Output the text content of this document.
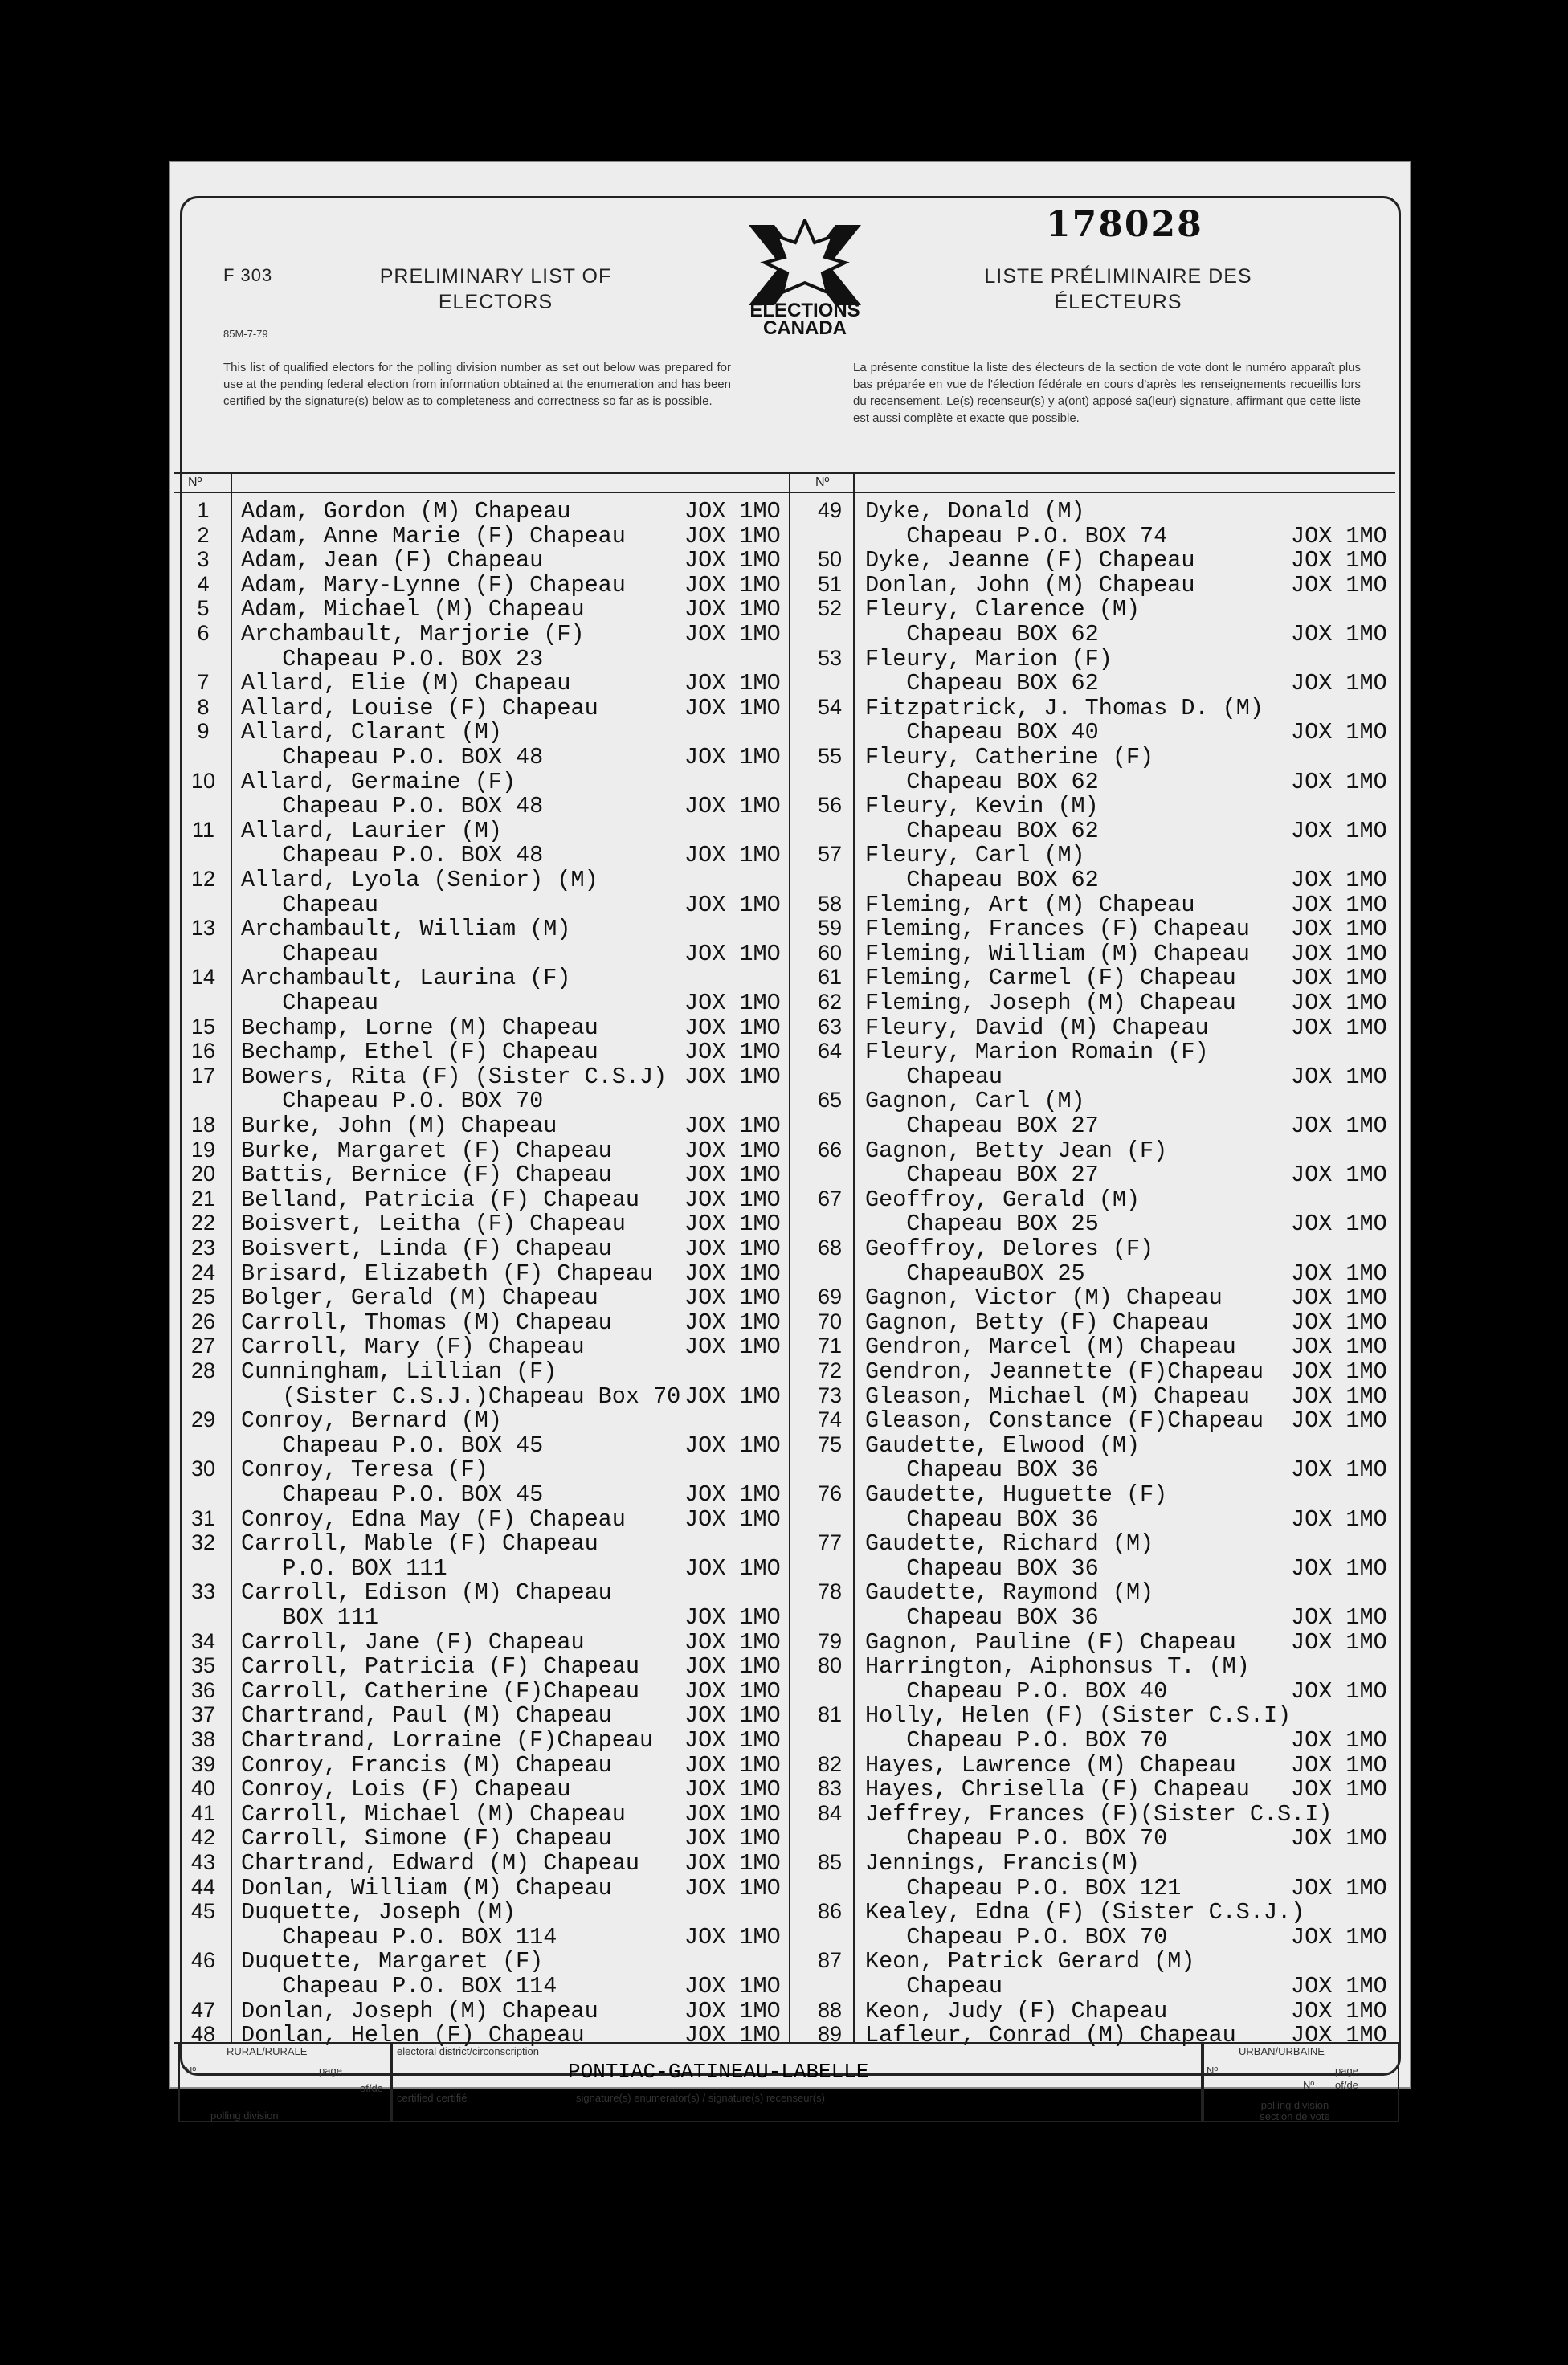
F 303
85M-7-79
PRELIMINARY LIST OF
ELECTORS	ELECTIONS
CANADA
178028
LISTE PRÉLIMINAIRE DES
ÉLECTEURS
This list of qualified electors for the polling division number as set out below was prepared for use at the pending federal election from information obtained at the enumeration and has been certified by the signature(s) below as to completeness and correctness so far as is possible.
La présente constitue la liste des électeurs de la section de vote dont le numéro apparaît plus bas préparée en vue de l'élection fédérale en cours d'après les renseignements recueillis lors du recensement. Le(s) recenseur(s) y a(ont) apposé sa(leur) signature, affirmant que cette liste est aussi complète et exacte que possible.
Nº	Nº
1	Adam, Gordon (M) Chapeau	JOX 1MO
2	Adam, Anne Marie (F) Chapeau	JOX 1MO
3	Adam, Jean (F) Chapeau	JOX 1MO
4	Adam, Mary-Lynne (F) Chapeau	JOX 1MO
5	Adam, Michael (M) Chapeau	JOX 1MO
6	Archambault, Marjorie (F)	JOX 1MO
Chapeau P.O. BOX 23
7	Allard, Elie (M) Chapeau	JOX 1MO
8	Allard, Louise (F) Chapeau	JOX 1MO
9	Allard, Clarant (M)
Chapeau P.O. BOX 48	JOX 1MO
10	Allard, Germaine (F)
Chapeau P.O. BOX 48	JOX 1MO
11	Allard, Laurier (M)
Chapeau P.O. BOX 48	JOX 1MO
12	Allard, Lyola (Senior) (M)
Chapeau	JOX 1MO
13	Archambault, William (M)
Chapeau	JOX 1MO
14	Archambault, Laurina (F)
Chapeau	JOX 1MO
15	Bechamp, Lorne (M) Chapeau	JOX 1MO
16	Bechamp, Ethel (F) Chapeau	JOX 1MO
17	Bowers, Rita (F) (Sister C.S.J) JOX 1MO
Chapeau P.O. BOX 70
18	Burke, John (M) Chapeau	JOX 1MO
19	Burke, Margaret (F) Chapeau	JOX 1MO
20	Battis, Bernice (F) Chapeau	JOX 1MO
21	Belland, Patricia (F) Chapeau JOX 1MO
22	Boisvert, Leitha (F) Chapeau	JOX 1MO
23	Boisvert, Linda (F) Chapeau	JOX 1MO
24	Brisard, Elizabeth (F) Chapeau JOX 1MO
25	Bolger, Gerald (M) Chapeau	JOX 1MO
26	Carroll, Thomas (M) Chapeau	JOX 1MO
27	Carroll, Mary (F) Chapeau	JOX 1MO
28	Cunningham, Lillian (F)
(Sister C.S.J.)Chapeau Box 70 JOX 1MO
29	Conroy, Bernard (M)
Chapeau P.O. BOX 45	JOX 1MO
30	Conroy, Teresa (F)
Chapeau P.O. BOX 45	JOX 1MO
31	Conroy, Edna May (F) Chapeau	JOX 1MO
32	Carroll, Mable (F) Chapeau
P.O. BOX 111	JOX 1MO
33	Carroll, Edison (M) Chapeau
BOX 111	JOX 1MO
34	Carroll, Jane (F) Chapeau	JOX 1MO
35	Carroll, Patricia (F) Chapeau JOX 1MO
36	Carroll, Catherine (F)Chapeau JOX 1MO
37	Chartrand, Paul (M) Chapeau	JOX 1MO
38	Chartrand, Lorraine (F)Chapeau JOX 1MO
39	Conroy, Francis (M) Chapeau	JOX 1MO
40	Conroy, Lois (F) Chapeau	JOX 1MO
41	Carroll, Michael (M) Chapeau	JOX 1MO
42	Carroll, Simone (F) Chapeau	JOX 1MO
43	Chartrand, Edward (M) Chapeau JOX 1MO
44	Donlan, William (M) Chapeau	JOX 1MO
45	Duquette, Joseph (M)
Chapeau P.O. BOX 114	JOX 1MO
46	Duquette, Margaret (F)
Chapeau P.O. BOX 114	JOX 1MO
47	Donlan, Joseph (M) Chapeau	JOX 1MO
48	Donlan, Helen (F) Chapeau	JOX 1MO
49	Dyke, Donald (M)
Chapeau P.O. BOX 74	JOX 1MO
50	Dyke, Jeanne (F) Chapeau	JOX 1MO
51	Donlan, John (M) Chapeau	JOX 1MO
52	Fleury, Clarence (M)
Chapeau BOX 62	JOX 1MO
53	Fleury, Marion (F)
Chapeau BOX 62	JOX 1MO
54	Fitzpatrick, J. Thomas D. (M)
Chapeau BOX 40	JOX 1MO
55	Fleury, Catherine (F)
Chapeau BOX 62	JOX 1MO
56	Fleury, Kevin (M)
Chapeau BOX 62	JOX 1MO
57	Fleury, Carl (M)
Chapeau BOX 62	JOX 1MO
58	Fleming, Art (M) Chapeau	JOX 1MO
59	Fleming, Frances (F) Chapeau JOX 1MO
60	Fleming, William (M) Chapeau JOX 1MO
61	Fleming, Carmel (F) Chapeau JOX 1MO
62	Fleming, Joseph (M) Chapeau JOX 1MO
63	Fleury, David (M) Chapeau	JOX 1MO
64	Fleury, Marion Romain (F)
Chapeau	JOX 1MO
65	Gagnon, Carl (M)
Chapeau BOX 27	JOX 1MO
66	Gagnon, Betty Jean (F)
Chapeau BOX 27	JOX 1MO
67	Geoffroy, Gerald (M)
Chapeau BOX 25	JOX 1MO
68	Geoffroy, Delores (F)
ChapeauBOX 25	JOX 1MO
69	Gagnon, Victor (M) Chapeau	JOX 1MO
70	Gagnon, Betty (F) Chapeau	JOX 1MO
71	Gendron, Marcel (M) Chapeau JOX 1MO
72	Gendron, Jeannette (F)Chapeau JOX 1MO
73	Gleason, Michael (M) Chapeau JOX 1MO
74	Gleason, Constance (F)Chapeau JOX 1MO
75	Gaudette, Elwood (M)
Chapeau BOX 36	JOX 1MO
76	Gaudette, Huguette (F)
Chapeau BOX 36	JOX 1MO
77	Gaudette, Richard (M)
Chapeau BOX 36	JOX 1MO
78	Gaudette, Raymond (M)
Chapeau BOX 36	JOX 1MO
79	Gagnon, Pauline (F) Chapeau JOX 1MO
80	Harrington, Aiphonsus T. (M)
Chapeau P.O. BOX 40	JOX 1MO
81	Holly, Helen (F) (Sister C.S.I)
Chapeau P.O. BOX 70	JOX 1MO
82	Hayes, Lawrence (M) Chapeau JOX 1MO
83	Hayes, Chrisella (F) Chapeau JOX 1MO
84	Jeffrey, Frances (F)(Sister C.S.I)
Chapeau P.O. BOX 70	JOX 1MO
85	Jennings, Francis(M)
Chapeau P.O. BOX 121	JOX 1MO
86	Kealey, Edna (F) (Sister C.S.J.)
Chapeau P.O. BOX 70	JOX 1MO
87	Keon, Patrick Gerard (M)
Chapeau	JOX 1MO
88	Keon, Judy (F) Chapeau	JOX 1MO
89	Lafleur, Conrad (M) Chapeau JOX 1MO
RURAL/RURALE
Nº
5
page
of/de
1 2
polling division
electoral district/circonscription
PONTIAC-GATINEAU-LABELLE
certified certifié	signature(s) enumerator(s) / signature(s) recenseur(s)
URBAN/URBAINE
Nº	page
Nº of/de
polling division section de vote
